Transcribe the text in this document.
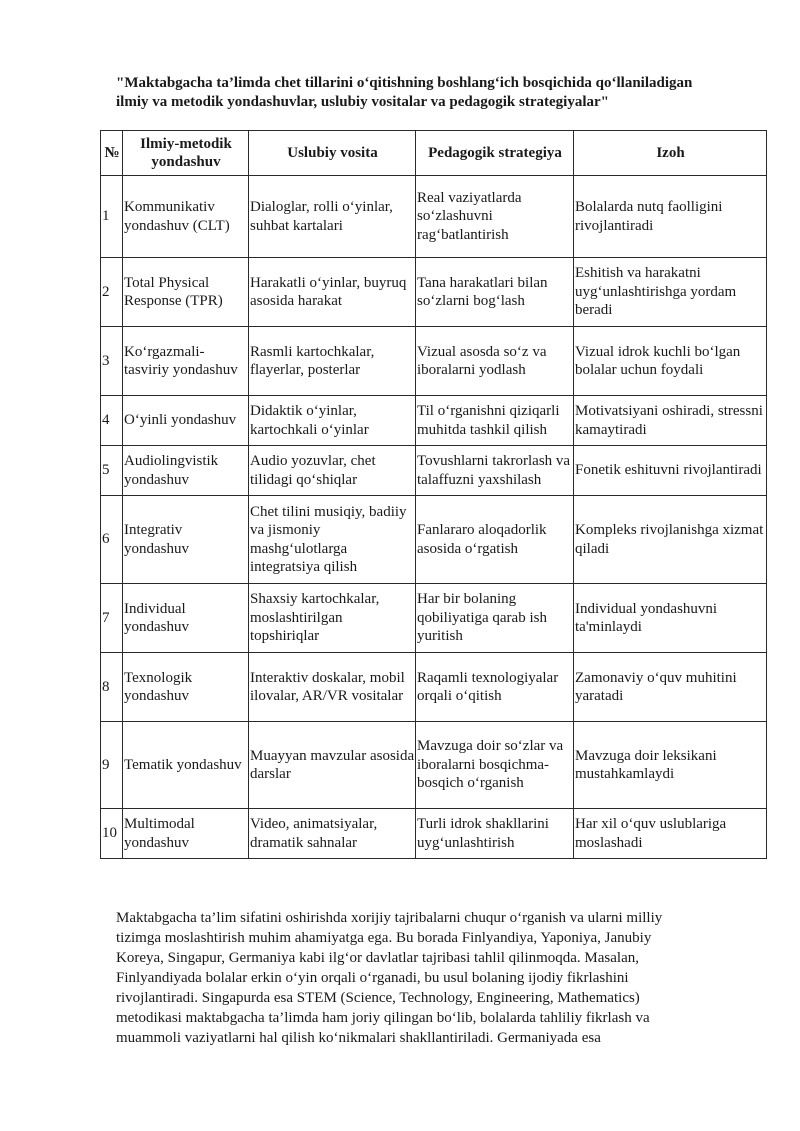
"Maktabgacha ta’limda chet tillarini o‘qitishning boshlang‘ich bosqichida qo‘llaniladigan ilmiy va metodik yondashuvlar, uslubiy vositalar va pedagogik strategiyalar"
№	Ilmiy-metodik yondashuv	Uslubiy vosita	Pedagogik strategiya	Izoh
1	Kommunikativ yondashuv (CLT)	Dialoglar, rolli o‘yinlar, suhbat kartalari	Real vaziyatlarda so‘zlashuvni rag‘batlantirish	Bolalarda nutq faolligini rivojlantiradi
2	Total Physical Response (TPR)	Harakatli o‘yinlar, buyruq asosida harakat	Tana harakatlari bilan so‘zlarni bog‘lash	Eshitish va harakatni uyg‘unlashtirishga yordam beradi
3	Ko‘rgazmali-tasviriy yondashuv	Rasmli kartochkalar, flayerlar, posterlar	Vizual asosda so‘z va iboralarni yodlash	Vizual idrok kuchli bo‘lgan bolalar uchun foydali
4	O‘yinli yondashuv	Didaktik o‘yinlar, kartochkali o‘yinlar	Til o‘rganishni qiziqarli muhitda tashkil qilish	Motivatsiyani oshiradi, stressni kamaytiradi
5	Audiolingvistik yondashuv	Audio yozuvlar, chet tilidagi qo‘shiqlar	Tovushlarni takrorlash va talaffuzni yaxshilash	Fonetik eshituvni rivojlantiradi
6	Integrativ yondashuv	Chet tilini musiqiy, badiiy va jismoniy mashg‘ulotlarga integratsiya qilish	Fanlararo aloqadorlik asosida o‘rgatish	Kompleks rivojlanishga xizmat qiladi
7	Individual yondashuv	Shaxsiy kartochkalar, moslashtirilgan topshiriqlar	Har bir bolaning qobiliyatiga qarab ish yuritish	Individual yondashuvni ta'minlaydi
8	Texnologik yondashuv	Interaktiv doskalar, mobil ilovalar, AR/VR vositalar	Raqamli texnologiyalar orqali o‘qitish	Zamonaviy o‘quv muhitini yaratadi
9	Tematik yondashuv	Muayyan mavzular asosida darslar	Mavzuga doir so‘zlar va iboralarni bosqichma-bosqich o‘rganish	Mavzuga doir leksikani mustahkamlaydi
10	Multimodal yondashuv	Video, animatsiyalar, dramatik sahnalar	Turli idrok shakllarini uyg‘unlashtirish	Har xil o‘quv uslublariga moslashadi

Maktabgacha ta’lim sifatini oshirishda xorijiy tajribalarni chuqur o‘rganish va ularni milliy tizimga moslashtirish muhim ahamiyatga ega. Bu borada Finlyandiya, Yaponiya, Janubiy Koreya, Singapur, Germaniya kabi ilg‘or davlatlar tajribasi tahlil qilinmoqda. Masalan, Finlyandiyada bolalar erkin o‘yin orqali o‘rganadi, bu usul bolaning ijodiy fikrlashini rivojlantiradi. Singapurda esa STEM (Science, Technology, Engineering, Mathematics) metodikasi maktabgacha ta’limda ham joriy qilingan bo‘lib, bolalarda tahliliy fikrlash va muammoli vaziyatlarni hal qilish ko‘nikmalari shakllantiriladi. Germaniyada esa
